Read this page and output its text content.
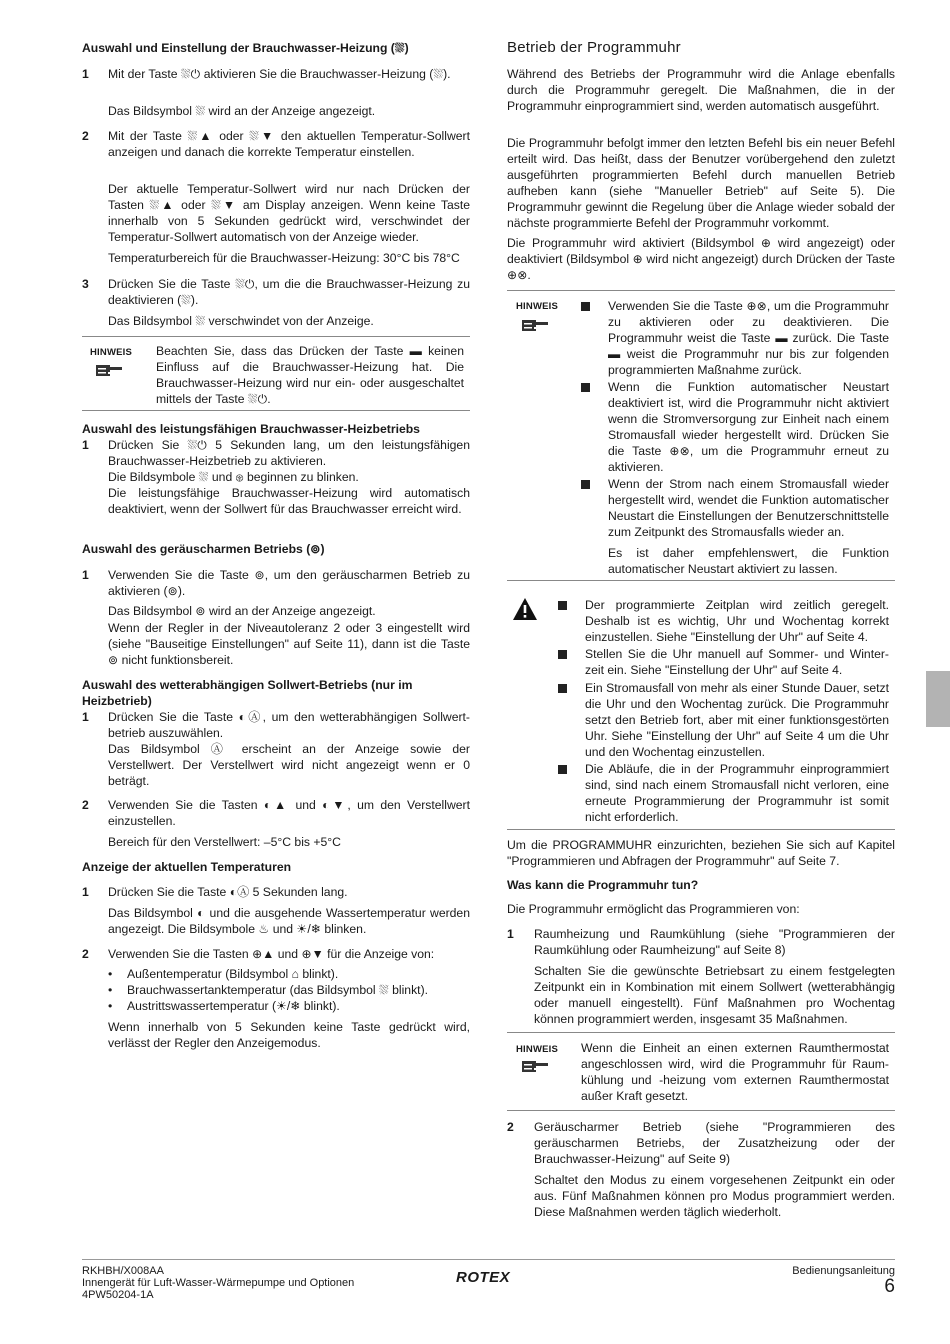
Auswahl und Einstellung der Brauchwasser-Heizung (⛆)
1 Mit der Taste ⛆⏻ aktivieren Sie die Brauchwasser-Heizung (⛆).

Das Bildsymbol ⛆ wird an der Anzeige angezeigt.

2 Mit der Taste ⛆▲ oder ⛆▼ den aktuellen Temperatur-Sollwert anzeigen und danach die korrekte Temperatur einstellen.

Der aktuelle Temperatur-Sollwert wird nur nach Drücken der Tasten ⛆▲ oder ⛆▼ am Display anzeigen. Wenn keine Taste innerhalb von 5 Sekunden gedrückt wird, verschwindet der Temperatur-Sollwert automatisch von der Anzeige wieder.

Temperaturbereich für die Brauchwasser-Heizung: 30°C bis 78°C

3 Drücken Sie die Taste ⛆⏻, um die die Brauchwasser-Heizung zu deaktivieren (⛆).

Das Bildsymbol ⛆ verschwindet von der Anzeige.

HINWEIS Beachten Sie, dass das Drücken der Taste ▬ keinen Einfluss auf die Brauchwasser-Heizung hat. Die Brauchwasser-Heizung wird nur ein- oder ausgeschaltet mittels der Taste ⛆⏻.

Auswahl des leistungsfähigen Brauchwasser-Heizbetriebs
1 Drücken Sie ⛆⏻ 5 Sekunden lang, um den leistungsfähigen Brauchwasser-Heizbetrieb zu aktivieren.

Die Bildsymbole ⛆ und ⊛ beginnen zu blinken.

Die leistungsfähige Brauchwasser-Heizung wird automatisch deaktiviert, wenn der Sollwert für das Brauchwasser erreicht wird.

Auswahl des geräuscharmen Betriebs (⊚)
1 Verwenden Sie die Taste ⊚, um den geräuscharmen Betrieb zu aktivieren (⊚).

Das Bildsymbol ⊚ wird an der Anzeige angezeigt.

Wenn der Regler in der Niveautoleranz 2 oder 3 eingestellt wird (siehe "Bauseitige Einstellungen" auf Seite 11), dann ist die Taste ⊚ nicht funktionsbereit.

Auswahl des wetterabhängigen Sollwert-Betriebs (nur im Heizbetrieb)
1 Drücken Sie die Taste ◐Ⓐ, um den wetterabhängigen Sollwert-betrieb auszuwählen.

Das Bildsymbol Ⓐ erscheint an der Anzeige sowie der Verstellwert. Der Verstellwert wird nicht angezeigt wenn er 0 beträgt.

2 Verwenden Sie die Tasten ◐▲ und ◐▼, um den Verstellwert einzustellen.

Bereich für den Verstellwert: –5°C bis +5°C

Anzeige der aktuellen Temperaturen
1 Drücken Sie die Taste ◐Ⓐ 5 Sekunden lang.

Das Bildsymbol ◐ und die ausgehende Wassertemperatur werden angezeigt. Die Bildsymbole ♨ und ☀/❄ blinken.

2 Verwenden Sie die Tasten ⊕▲ und ⊕▼ für die Anzeige von:

• Außentemperatur (Bildsymbol ⌂ blinkt).

• Brauchwassertanktemperatur (das Bildsymbol ⛆ blinkt).

• Austrittswassertemperatur (☀/❄ blinkt).

Wenn innerhalb von 5 Sekunden keine Taste gedrückt wird, verlässt der Regler den Anzeigemodus.

Betrieb der Programmuhr

Während des Betriebs der Programmuhr wird die Anlage ebenfalls durch die Programmuhr geregelt. Die Maßnahmen, die in der Programmuhr einprogrammiert sind, werden automatisch ausgeführt.

Die Programmuhr befolgt immer den letzten Befehl bis ein neuer Befehl erteilt wird. Das heißt, dass der Benutzer vorübergehend den zuletzt ausgeführten programmierten Befehl durch manuellen Betrieb aufheben kann (siehe "Manueller Betrieb" auf Seite 5). Die Programmuhr gewinnt die Regelung über die Anlage wieder sobald der nächste programmierte Befehl der Programmuhr vorkommt.

Die Programmuhr wird aktiviert (Bildsymbol ⊕ wird angezeigt) oder deaktiviert (Bildsymbol ⊕ wird nicht angezeigt) durch Drücken der Taste ⊕⊗.

HINWEIS	Verwenden Sie die Taste ⊕⊗, um die Programmuhr zu aktivieren oder zu deaktivieren. Die Programmuhr weist die Taste ▬ zurück. Die Taste ▬ weist die Programmuhr nur bis zur folgenden programmierten Maßnahme zurück.

Wenn die Funktion automatischer Neustart deaktiviert ist, wird die Programmuhr nicht aktiviert wenn die Stromversorgung zur Einheit nach einem Stromausfall wieder hergestellt wird. Drücken Sie die Taste ⊕⊗, um die Programmuhr erneut zu aktivieren.

Wenn der Strom nach einem Stromausfall wieder hergestellt wird, wendet die Funktion automatischer Neustart die Einstellungen der Benutzerschnittstelle zum Zeitpunkt des Stromausfalls wieder an.

Es ist daher empfehlenswert, die Funktion automatischer Neustart aktiviert zu lassen.

Der programmierte Zeitplan wird zeitlich geregelt. Deshalb ist es wichtig, Uhr und Wochentag korrekt einzustellen. Siehe "Einstellung der Uhr" auf Seite 4.

Stellen Sie die Uhr manuell auf Sommer- und Winter-zeit ein. Siehe "Einstellung der Uhr" auf Seite 4.

Ein Stromausfall von mehr als einer Stunde Dauer, setzt die Uhr und den Wochentag zurück. Die Programmuhr setzt den Betrieb fort, aber mit einer funktionsgestörten Uhr. Siehe "Einstellung der Uhr" auf Seite 4 um die Uhr und den Wochentag einzustellen.

Die Abläufe, die in der Programmuhr einprogrammiert sind, sind nach einem Stromausfall nicht verloren, eine erneute Programmierung der Programmuhr ist somit nicht erforderlich.

Um die PROGRAMMUHR einzurichten, beziehen Sie sich auf Kapitel "Programmieren und Abfragen der Programmuhr" auf Seite 7.

Was kann die Programmuhr tun?

Die Programmuhr ermöglicht das Programmieren von:

1 Raumheizung und Raumkühlung (siehe "Programmieren der Raumkühlung oder Raumheizung" auf Seite 8)

Schalten Sie die gewünschte Betriebsart zu einem festgelegten Zeitpunkt ein in Kombination mit einem Sollwert (wetterabhängig oder manuell eingestellt). Fünf Maßnahmen pro Wochentag können programmiert werden, insgesamt 35 Maßnahmen.

HINWEIS Wenn die Einheit an einen externen Raumthermostat angeschlossen wird, wird die Programmuhr für Raum-kühlung und -heizung vom externen Raumthermostat außer Kraft gesetzt.

2 Geräuscharmer Betrieb (siehe "Programmieren des geräuscharmen Betriebs, der Zusatzheizung oder der Brauchwasser-Heizung" auf Seite 9)

Schaltet den Modus zu einem vorgesehenen Zeitpunkt ein oder aus. Fünf Maßnahmen können pro Modus programmiert werden. Diese Maßnahmen werden täglich wiederholt.

RKHBH/X008AA
Innengerät für Luft-Wasser-Wärmepumpe und Optionen
4PW50204-1A
ROTEX	Bedienungsanleitung
6
